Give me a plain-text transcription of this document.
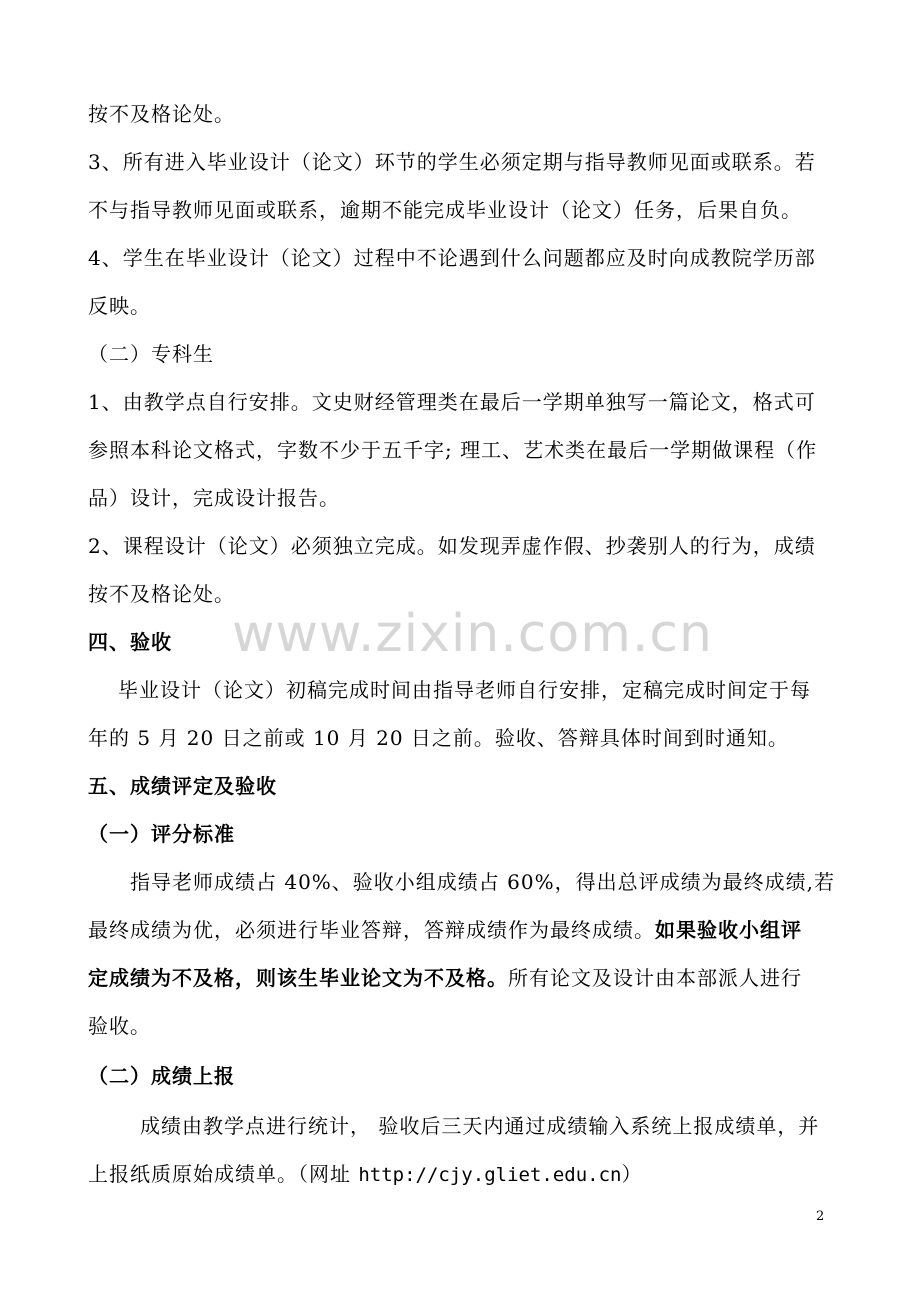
www.zixin.com.cn
按不及格论处。
3、所有进入毕业设计（论文）环节的学生必须定期与指导教师见面或联系。若
不与指导教师见面或联系，逾期不能完成毕业设计（论文）任务，后果自负。
4、学生在毕业设计（论文）过程中不论遇到什么问题都应及时向成教院学历部
反映。
（二）专科生
1、由教学点自行安排。文史财经管理类在最后一学期单独写一篇论文，格式可
参照本科论文格式，字数不少于五千字; 理工、艺术类在最后一学期做课程（作
品）设计，完成设计报告。
2、课程设计（论文）必须独立完成。如发现弄虚作假、抄袭别人的行为，成绩
按不及格论处。
四、验收
毕业设计（论文）初稿完成时间由指导老师自行安排，定稿完成时间定于每
年的 5 月 20 日之前或 10 月 20 日之前。验收、答辩具体时间到时通知。
五、成绩评定及验收
（一）评分标准
指导老师成绩占 40%、验收小组成绩占 60%，得出总评成绩为最终成绩,若
最终成绩为优，必须进行毕业答辩，答辩成绩作为最终成绩。如果验收小组评
定成绩为不及格，则该生毕业论文为不及格。所有论文及设计由本部派人进行
验收。
（二）成绩上报
成绩由教学点进行统计， 验收后三天内通过成绩输入系统上报成绩单，并
上报纸质原始成绩单。（网址 http://cjy.gliet.edu.cn）
2
